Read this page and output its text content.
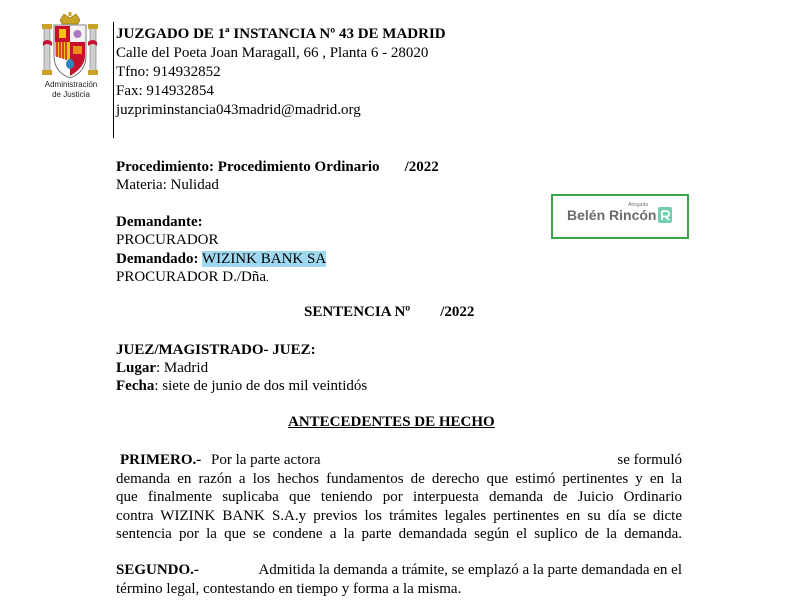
Administración
de Justicia
JUZGADO DE 1ª INSTANCIA Nº 43 DE MADRID
Calle del Poeta Joan Maragall, 66 , Planta 6 - 28020
Tfno: 914932852
Fax: 914932854
juzpriminstancia043madrid@madrid.org
Procedimiento: Procedimiento Ordinario /2022
Materia: Nulidad
Demandante:
PROCURADOR
Demandado: WIZINK BANK SA
PROCURADOR D./Dña.
Abogada
Belén Rincón
SENTENCIA Nº /2022
JUEZ/MAGISTRADO- JUEZ:
Lugar: Madrid
Fecha: siete de junio de dos mil veintidós
ANTECEDENTES DE HECHO
PRIMERO.- Por la parte actora	se formuló
demanda en razón a los hechos fundamentos de derecho que estimó pertinentes y en la
que finalmente suplicaba que teniendo por interpuesta demanda de Juicio Ordinario
contra WIZINK BANK S.A.y previos los trámites legales pertinentes en su día se dicte
sentencia por la que se condene a la parte demandada según el suplico de la demanda.
SEGUNDO.-	Admitida la demanda a trámite, se emplazó a la parte demandada en el
término legal, contestando en tiempo y forma a la misma.
